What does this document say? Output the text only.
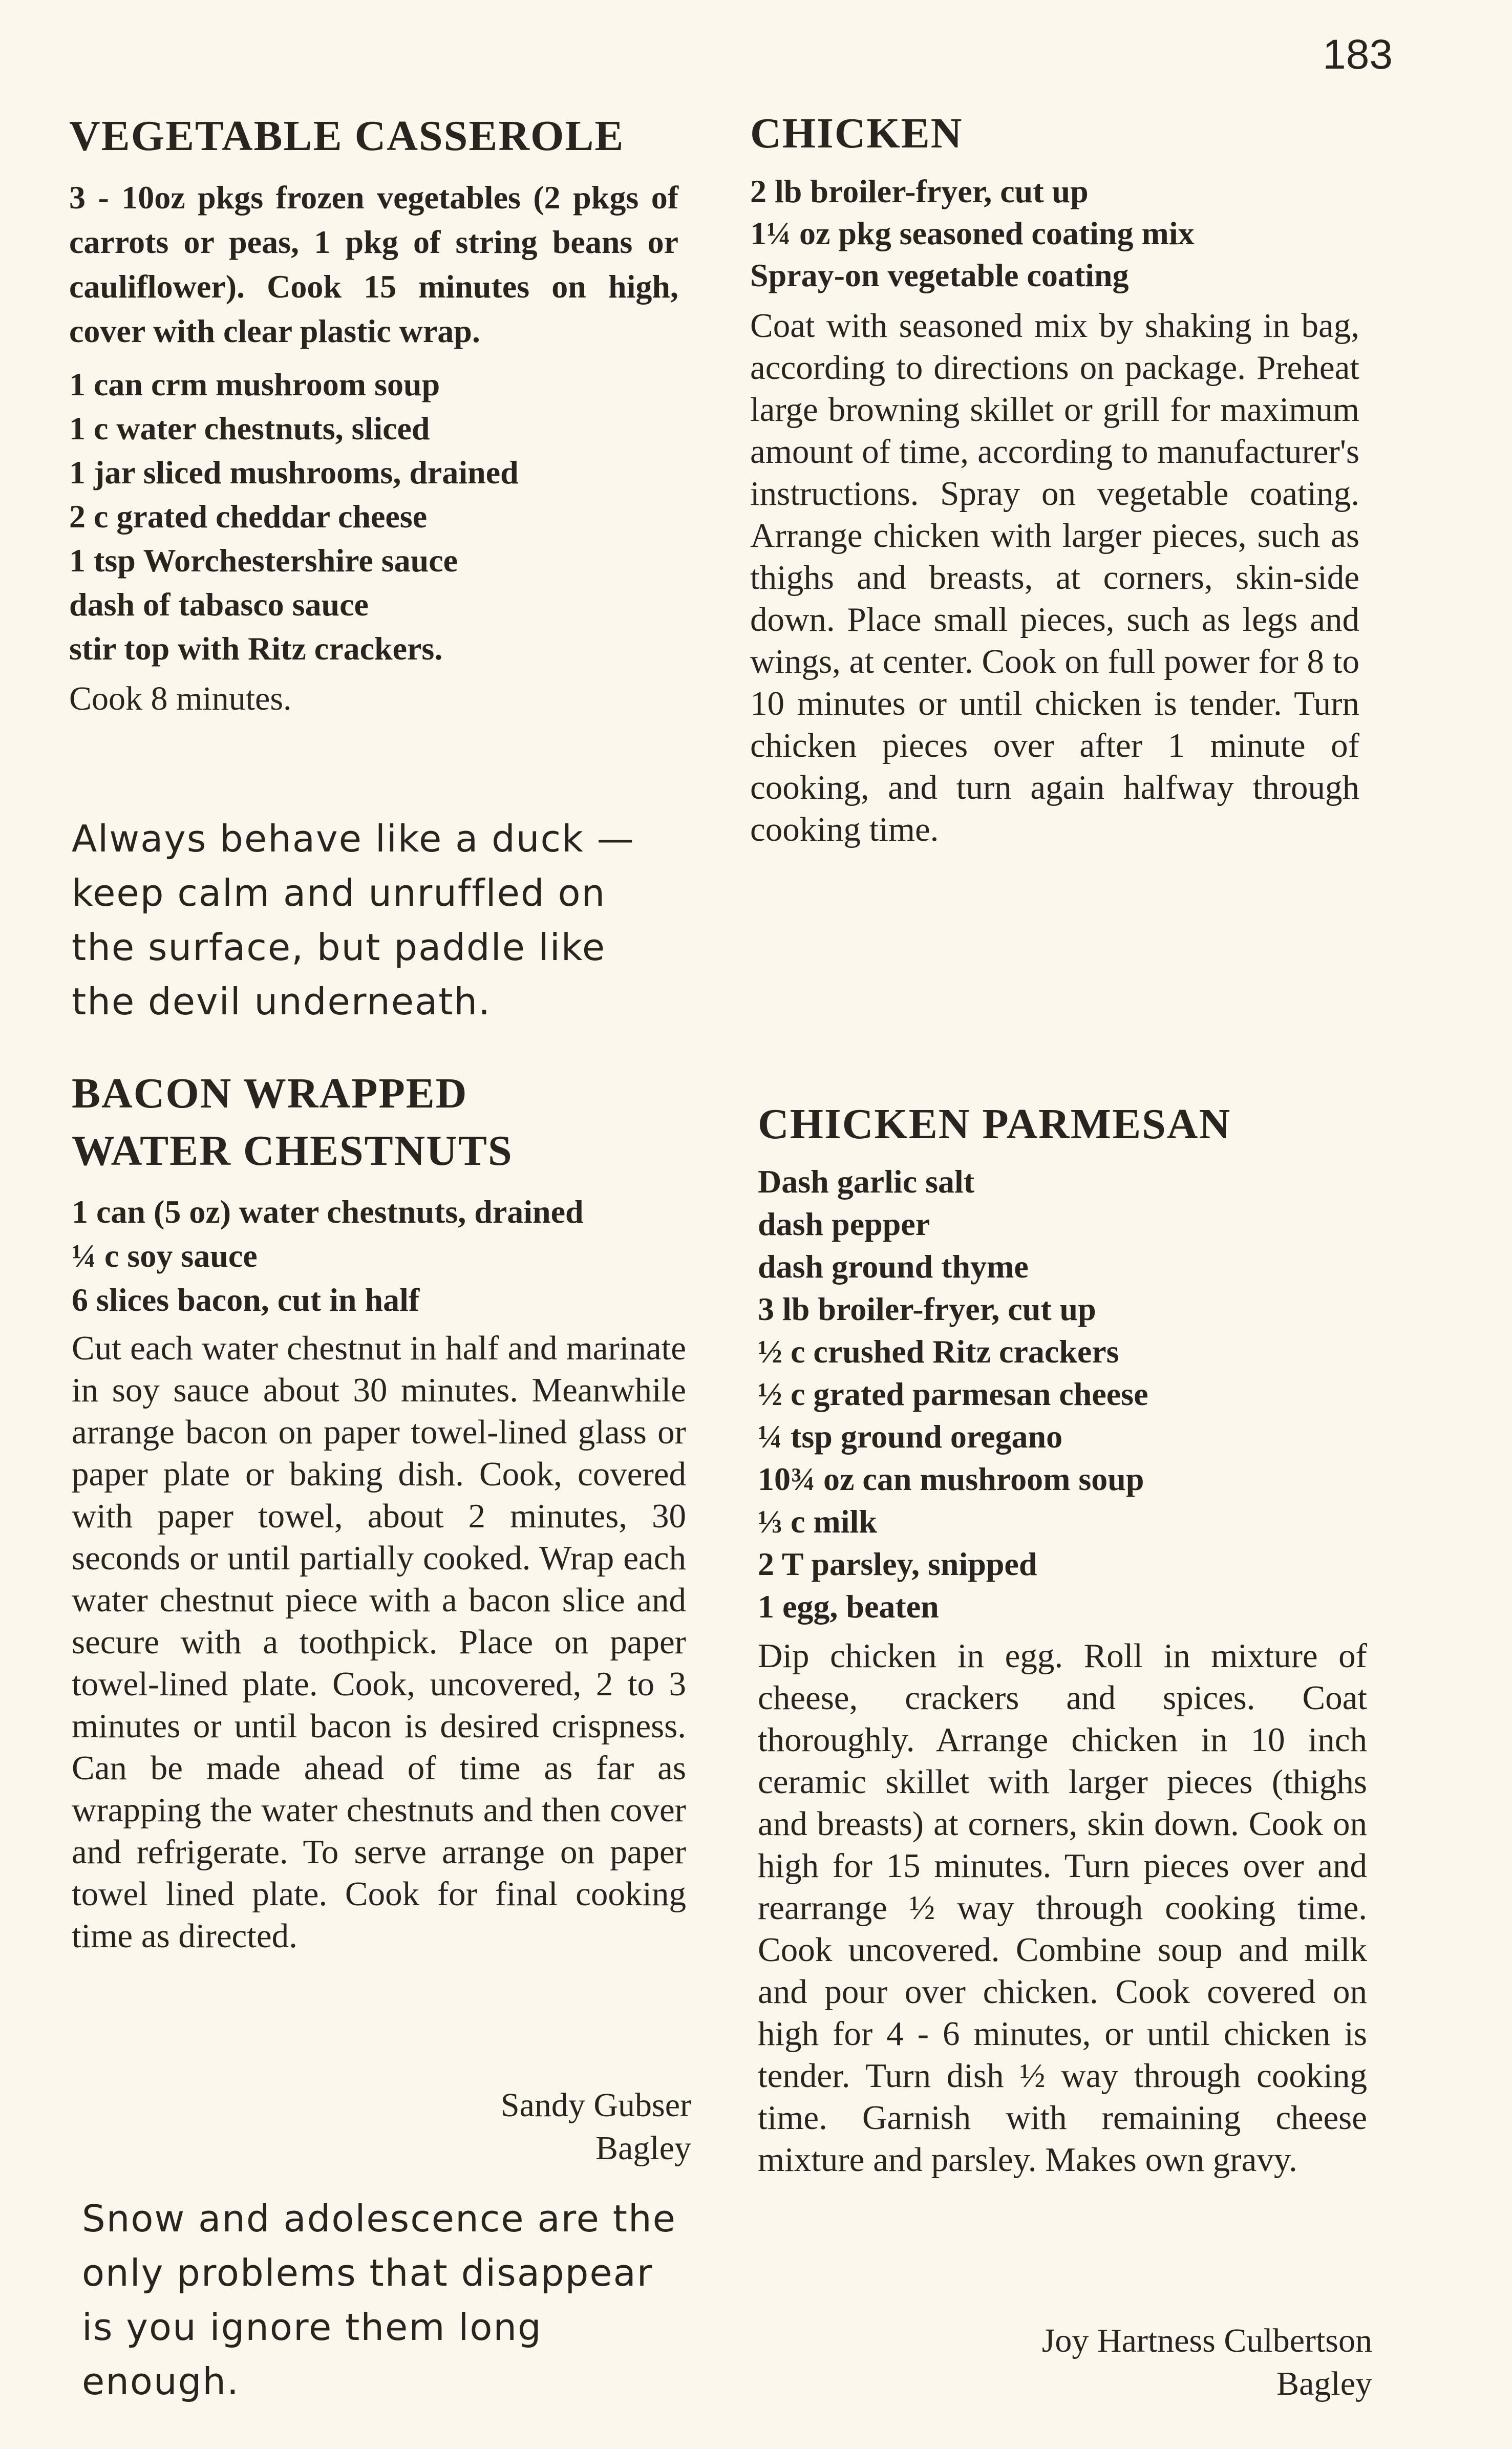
183
VEGETABLE CASSEROLE

3 - 10oz pkgs frozen vegetables (2 pkgs of carrots or peas, 1 pkg of string beans or cauliflower). Cook 15 minutes on high, cover with clear plastic wrap.

1 can crm mushroom soup
1 c water chestnuts, sliced
1 jar sliced mushrooms, drained
2 c grated cheddar cheese
1 tsp Worchestershire sauce
dash of tabasco sauce
stir top with Ritz crackers.

Cook 8 minutes.

Always behave like a duck — keep calm and unruffled on the surface, but paddle like the devil underneath.

BACON WRAPPED
WATER CHESTNUTS
1 can (5 oz) water chestnuts, drained
¼ c soy sauce
6 slices bacon, cut in half

Cut each water chestnut in half and marinate in soy sauce about 30 minutes. Meanwhile arrange bacon on paper towel-lined glass or paper plate or baking dish. Cook, covered with paper towel, about 2 minutes, 30 seconds or until partially cooked. Wrap each water chestnut piece with a bacon slice and secure with a toothpick. Place on paper towel-lined plate. Cook, uncovered, 2 to 3 minutes or until bacon is desired crispness. Can be made ahead of time as far as wrapping the water chestnuts and then cover and refrigerate. To serve arrange on paper towel lined plate. Cook for final cooking time as directed.

Sandy Gubser
Bagley

Snow and adolescence are the only problems that disappear is you ignore them long enough.

CHICKEN
2 lb broiler-fryer, cut up
1¼ oz pkg seasoned coating mix
Spray-on vegetable coating

Coat with seasoned mix by shaking in bag, according to directions on package. Preheat large browning skillet or grill for maximum amount of time, according to manufacturer's instructions. Spray on vegetable coating. Arrange chicken with larger pieces, such as thighs and breasts, at corners, skin-side down. Place small pieces, such as legs and wings, at center. Cook on full power for 8 to 10 minutes or until chicken is tender. Turn chicken pieces over after 1 minute of cooking, and turn again halfway through cooking time.

CHICKEN PARMESAN
Dash garlic salt
dash pepper
dash ground thyme
3 lb broiler-fryer, cut up
½ c crushed Ritz crackers
½ c grated parmesan cheese
¼ tsp ground oregano
10¾ oz can mushroom soup
⅓ c milk
2 T parsley, snipped
1 egg, beaten

Dip chicken in egg. Roll in mixture of cheese, crackers and spices. Coat thoroughly. Arrange chicken in 10 inch ceramic skillet with larger pieces (thighs and breasts) at corners, skin down. Cook on high for 15 minutes. Turn pieces over and rearrange ½ way through cooking time. Cook uncovered. Combine soup and milk and pour over chicken. Cook covered on high for 4 - 6 minutes, or until chicken is tender. Turn dish ½ way through cooking time. Garnish with remaining cheese mixture and parsley. Makes own gravy.

Joy Hartness Culbertson
Bagley
